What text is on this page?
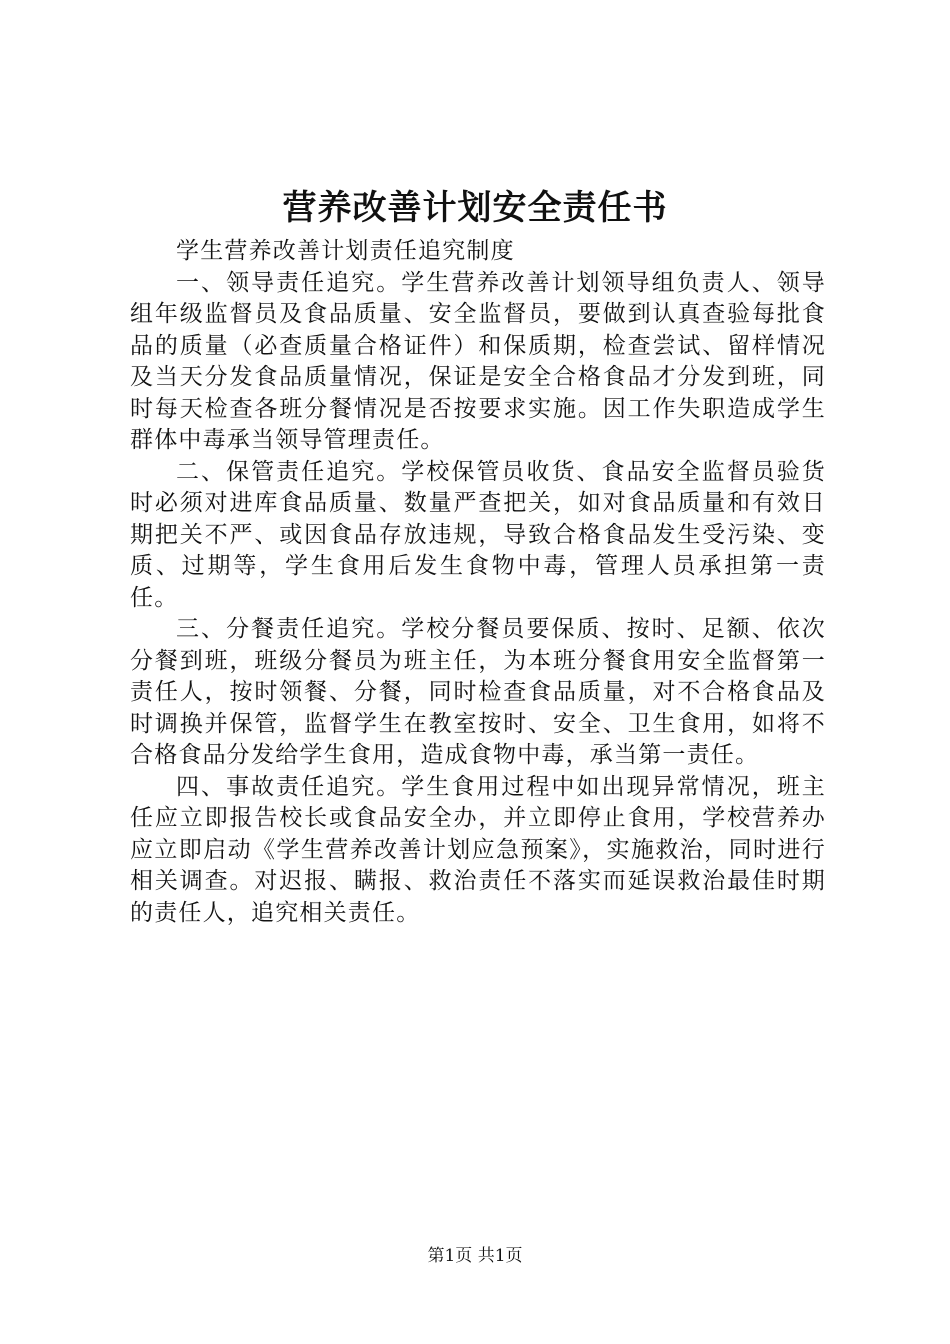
营养改善计划安全责任书

学生营养改善计划责任追究制度

一、领导责任追究。学生营养改善计划领导组负责人、领导组年级监督员及食品质量、安全监督员，要做到认真查验每批食品的质量（必查质量合格证件）和保质期，检查尝试、留样情况及当天分发食品质量情况，保证是安全合格食品才分发到班，同时每天检查各班分餐情况是否按要求实施。因工作失职造成学生群体中毒承当领导管理责任。

二、保管责任追究。学校保管员收货、食品安全监督员验货时必须对进库食品质量、数量严查把关，如对食品质量和有效日期把关不严、或因食品存放违规，导致合格食品发生受污染、变质、过期等，学生食用后发生食物中毒，管理人员承担第一责任。

三、分餐责任追究。学校分餐员要保质、按时、足额、依次分餐到班，班级分餐员为班主任，为本班分餐食用安全监督第一责任人，按时领餐、分餐，同时检查食品质量，对不合格食品及时调换并保管，监督学生在教室按时、安全、卫生食用，如将不合格食品分发给学生食用，造成食物中毒，承当第一责任。

四、事故责任追究。学生食用过程中如出现异常情况，班主任应立即报告校长或食品安全办，并立即停止食用，学校营养办应立即启动《学生营养改善计划应急预案》，实施救治，同时进行相关调查。对迟报、瞒报、救治责任不落实而延误救治最佳时期的责任人，追究相关责任。

第1页 共1页
